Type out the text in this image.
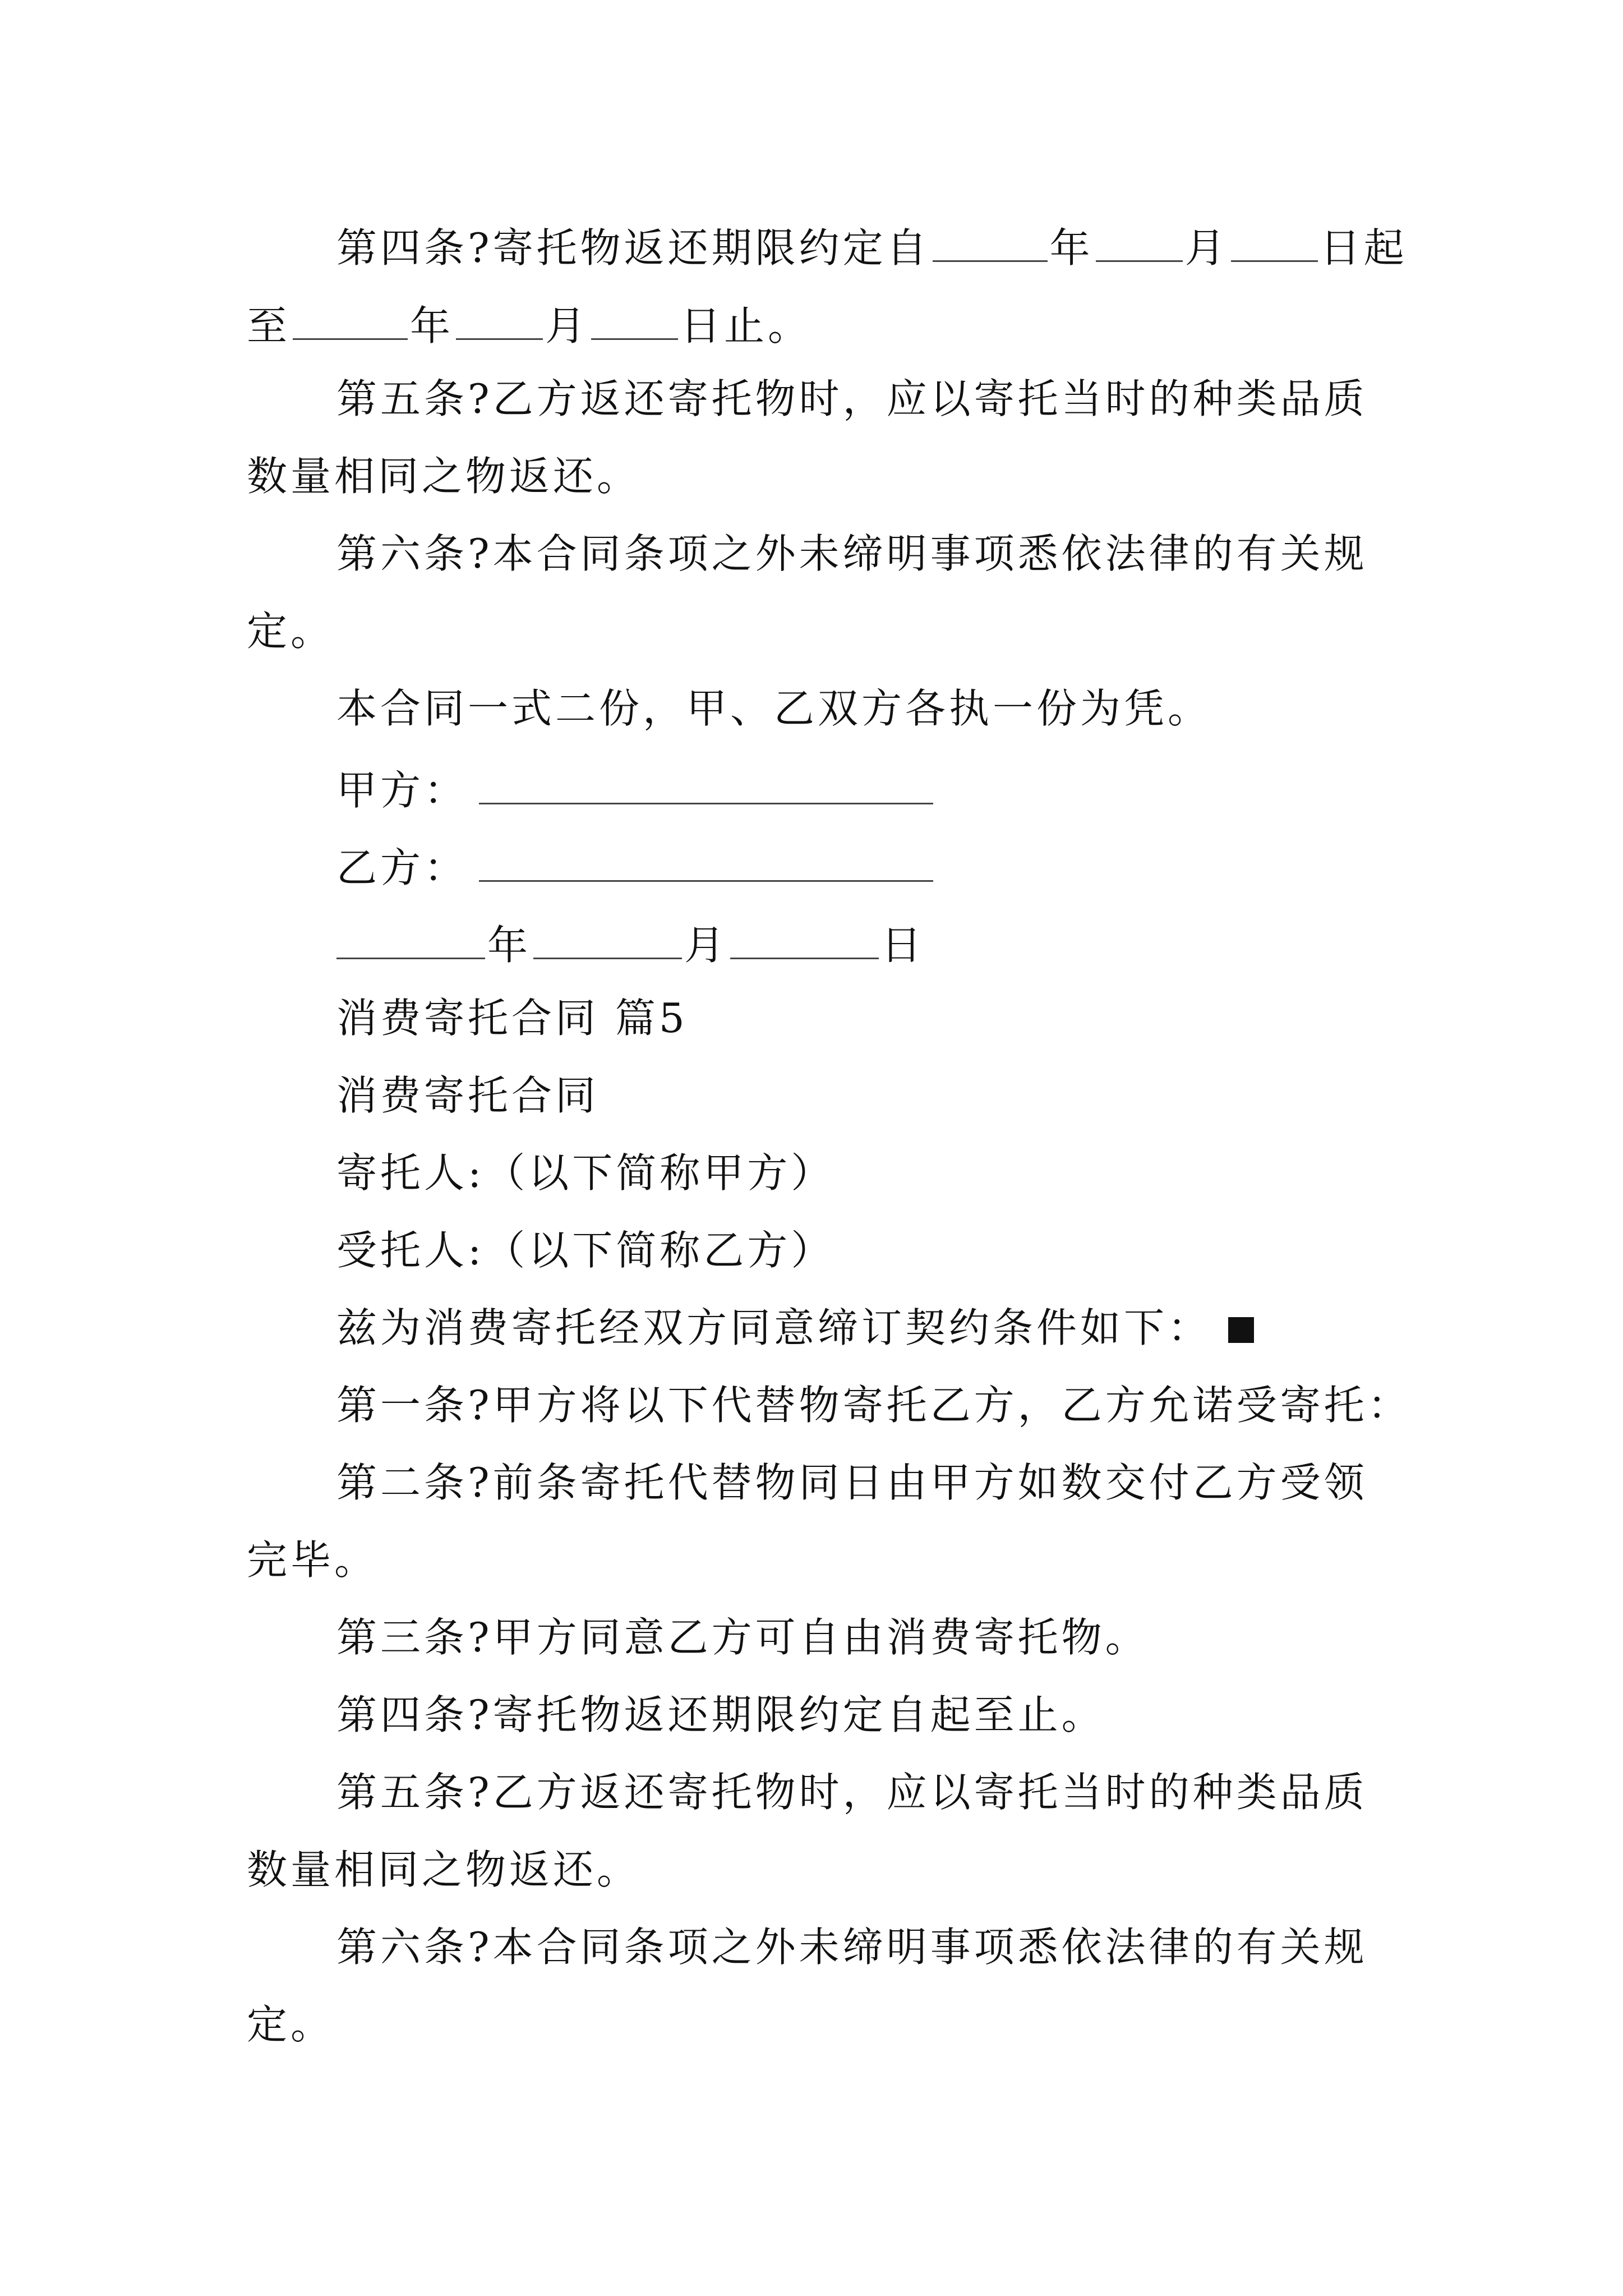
第四条?寄托物返还期限约定自	年 月 日起
至	年 月 日止。
第五条?乙方返还寄托物时，应以寄托当时的种类品质
数量相同之物返还。
第六条?本合同条项之外未缔明事项悉依法律的有关规
定。
本合同一式二份，甲、乙双方各执一份为凭。
甲方：
乙方：
年	月	日
消费寄托合同 篇5
消费寄托合同
寄托人:（以下简称甲方）
受托人:（以下简称乙方）
兹为消费寄托经双方同意缔订契约条件如下：
第一条?甲方将以下代替物寄托乙方，乙方允诺受寄托：
第二条?前条寄托代替物同日由甲方如数交付乙方受领
完毕。
第三条?甲方同意乙方可自由消费寄托物。
第四条?寄托物返还期限约定自起至止。
第五条?乙方返还寄托物时，应以寄托当时的种类品质
数量相同之物返还。
第六条?本合同条项之外未缔明事项悉依法律的有关规
定。
